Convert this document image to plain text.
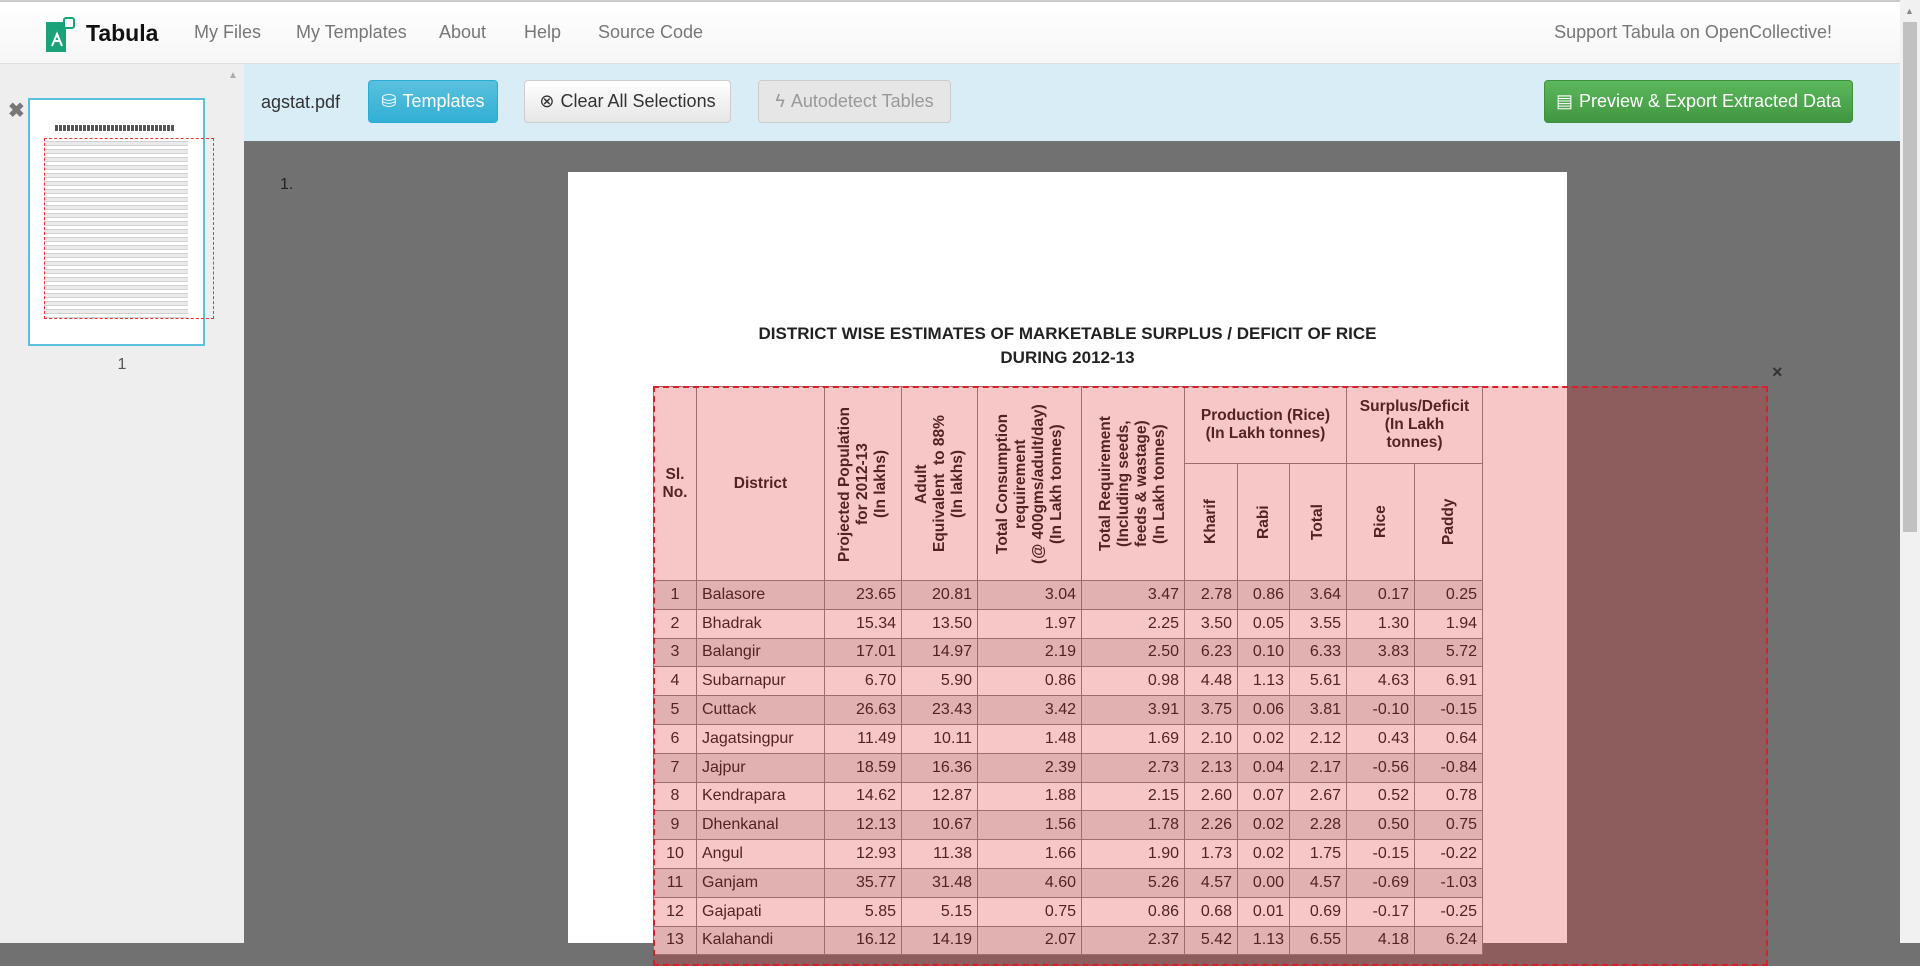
Tabula My Files My Templates About Help Source Code	Support Tabula on OpenCollective!
▲
✖
1
agstat.pdf ⛁ Templates	⊗ Clear All Selections	ϟ Autodetect Tables	▤ Preview & Export Extracted Data
1.
DISTRICT WISE ESTIMATES OF MARKETABLE SURPLUS / DEFICIT OF RICE
DURING 2012-13
Sl.
No.	District	Projected Population
for 2012-13
(In lakhs)	Adult
Equivalent  to 88%
(In lakhs)	Total Consumption
requirement
(@ 400gms/adult/day)
(In Lakh tonnes)	Total Requirement
(Including seeds,
feeds & wastage)
(In Lakh tonnes)	Production (Rice)
(In Lakh tonnes)			Surplus/Deficit
(In Lakh
tonnes)	

						Kharif	Rabi	Total	Rice	Paddy

1	Balasore	23.65	20.81	3.04	3.47	2.78	0.86	3.64	0.17	0.25
2	Bhadrak	15.34	13.50	1.97	2.25	3.50	0.05	3.55	1.30	1.94
3	Balangir	17.01	14.97	2.19	2.50	6.23	0.10	6.33	3.83	5.72
4	Subarnapur	6.70	5.90	0.86	0.98	4.48	1.13	5.61	4.63	6.91
5	Cuttack	26.63	23.43	3.42	3.91	3.75	0.06	3.81	-0.10	-0.15
6	Jagatsingpur	11.49	10.11	1.48	1.69	2.10	0.02	2.12	0.43	0.64
7	Jajpur	18.59	16.36	2.39	2.73	2.13	0.04	2.17	-0.56	-0.84
8	Kendrapara	14.62	12.87	1.88	2.15	2.60	0.07	2.67	0.52	0.78
9	Dhenkanal	12.13	10.67	1.56	1.78	2.26	0.02	2.28	0.50	0.75
10	Angul	12.93	11.38	1.66	1.90	1.73	0.02	1.75	-0.15	-0.22
11	Ganjam	35.77	31.48	4.60	5.26	4.57	0.00	4.57	-0.69	-1.03
12	Gajapati	5.85	5.15	0.75	0.86	0.68	0.01	0.69	-0.17	-0.25
13	Kalahandi	16.12	14.19	2.07	2.37	5.42	1.13	6.55	4.18	6.24
×
▲
